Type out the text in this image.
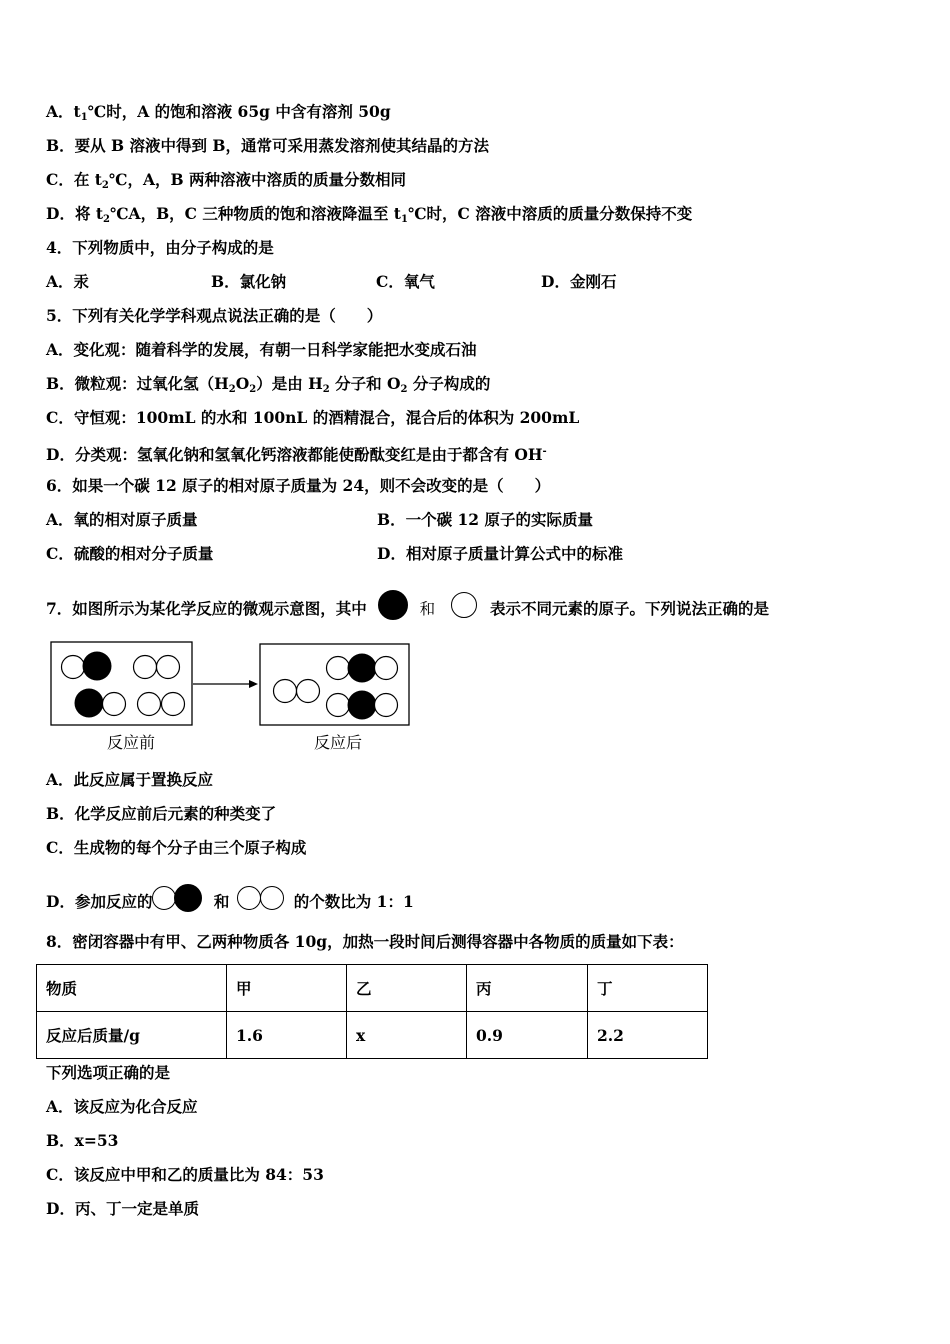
A．$t_1℃$时，A 的饱和溶液 65g 中含有溶剂 50g
B．要从 B 溶液中得到 B，通常可采用蒸发溶剂使其结晶的方法
C．在 $t_2℃$，A，B 两种溶液中溶质的质量分数相同
D．将 $t_2℃A$，B，C 三种物质的饱和溶液降温至 $t_1℃$时，C 溶液中溶质的质量分数保持不变
4．下列物质中，由分子构成的是
A．汞	B．氯化钠	C．氧气	D．金刚石
5．下列有关化学学科观点说法正确的是（　　）
A．变化观：随着科学的发展，有朝一日科学家能把水变成石油
B．微粒观：过氧化氢$(H_2O_2)$是由 $H_2$ 分子和 $O_2$ 分子构成的
C．守恒观：100mL 的水和 100nL 的酒精混合，混合后的体积为 200mL
D．分类观：氢氧化钠和氢氧化钙溶液都能使酚酞变红是由于都含有 OH-
6．如果一个碳 12 原子的相对原子质量为 24，则不会改变的是（　　）
A．氧的相对原子质量	B．一个碳 12 原子的实际质量
C．硫酸的相对分子质量	D．相对原子质量计算公式中的标准
7．如图所示为某化学反应的微观示意图，其中	和	表示不同元素的原子。下列说法正确的是
反应前	反应后
A．此反应属于置换反应
B．化学反应前后元素的种类变了
C．生成物的每个分子由三个原子构成
D．参加反应的	和	的个数比为 1：1
8．密闭容器中有甲、乙两种物质各 10g，加热一段时间后测得容器中各物质的质量如下表：
物质	甲	乙	丙	丁
反应后质量/g	1.6	x	0.9	2.2
下列选项正确的是
A．该反应为化合反应
B．x=53
C．该反应中甲和乙的质量比为 84：53
D．丙、丁一定是单质
